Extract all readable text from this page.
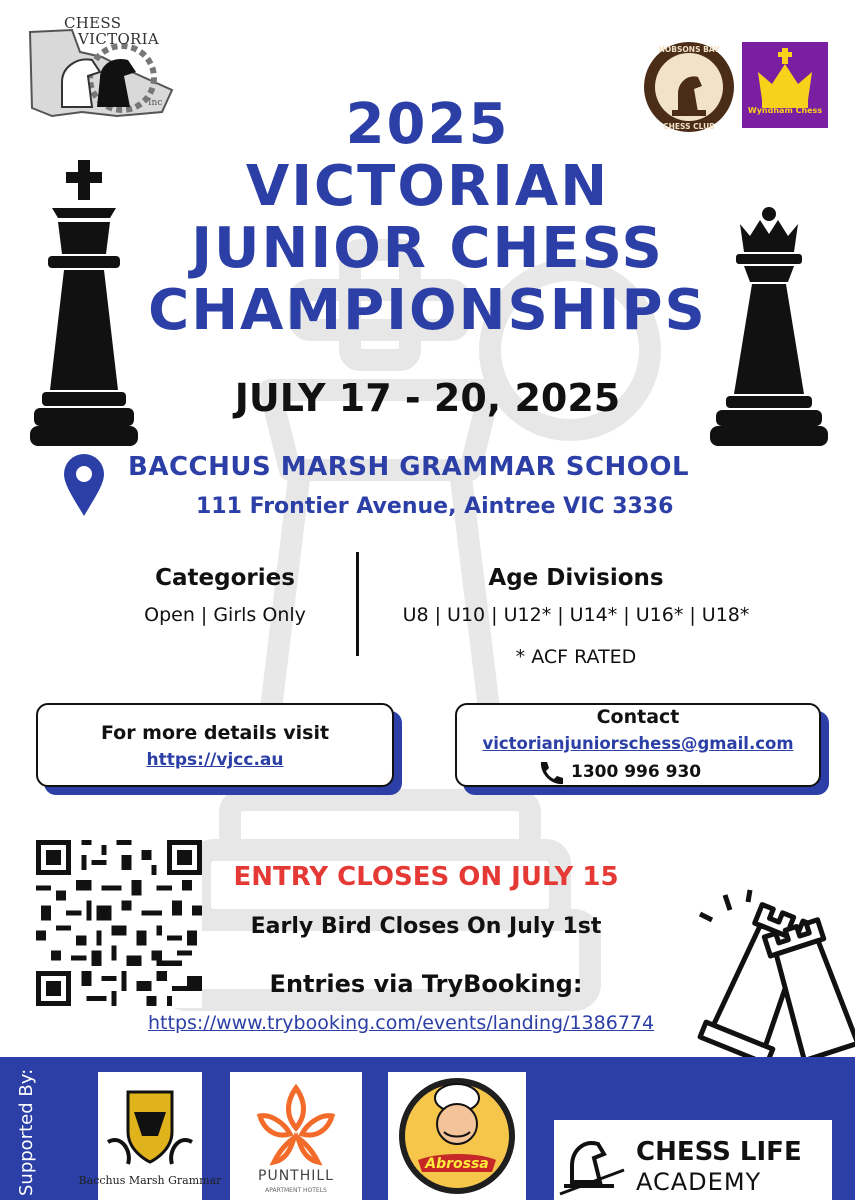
CHESS
VICTORIA
Inc
HOBSONS BAY
CHESS CLUB
Wyndham Chess
2025
VICTORIAN
JUNIOR CHESS
CHAMPIONSHIPS
JULY 17 - 20, 2025
BACCHUS MARSH GRAMMAR SCHOOL
111 Frontier Avenue, Aintree VIC 3336
Categories
Open | Girls Only
Age Divisions
U8 | U10 | U12* | U14* | U16* | U18*
* ACF RATED
For more details visit
https://vjcc.au
Contact
victorianjuniorschess@gmail.com
1300 996 930
ENTRY CLOSES ON JULY 15
Early Bird Closes On July 1st
Entries via TryBooking:
https://www.trybooking.com/events/landing/1386774
Supported By:	Bacchus Marsh Grammar	PUNTHILL
APARTMENT HOTELS
Abrossa	CHESS LIFE
ACADEMY
